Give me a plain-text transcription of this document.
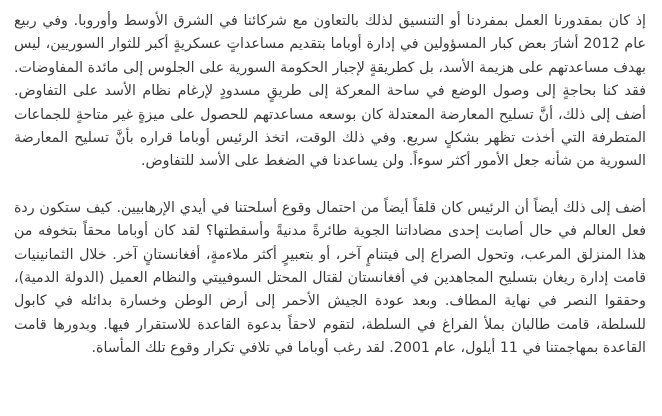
إذ كان بمقدورنا العمل بمفردنا أو التنسيق لذلك بالتعاون مع شركائنا في الشرق الأوسط وأوروبا. وفي ربيع عام 2012 أشارَ بعض كبار المسؤولين في إدارة أوباما بتقديم مساعداتٍ عسكريةٍ أكبر للثوار السوريين، ليس بهدف مساعدتهم على هزيمة الأسد، بل كطريقةٍ لإجبار الحكومة السورية على الجلوس إلى مائدة المفاوضات. فقد كنا بحاجةٍ إلى وصول الوضع في ساحة المعركة إلى طريقٍ مسدودٍ لإرغام نظام الأسد على التفاوض. أضف إلى ذلك، أنَّ تسليح المعارضة المعتدلة كان بوسعه مساعدتهم للحصول على ميزةٍ غير متاحةٍ للجماعات المتطرفة التي أخذت تظهر بشكلٍ سريع. وفي ذلك الوقت، اتخذ الرئيس أوباما قراره بأنَّ تسليح المعارضة السورية من شأنه جعل الأمور أكثر سوءاً. ولن يساعدنا في الضغط على الأسد للتفاوض.

أضف إلى ذلك أيضاً أن الرئيس كان قلقاً أيضاً من احتمال وقوع أسلحتنا في أيدي الإرهابيين. كيف ستكون ردة فعل العالم في حال أصابت إحدى مضاداتنا الجوية طائرةً مدنيةً وأسقطتها؟ لقد كان أوباما محقاً بتخوفه من هذا المنزلق المرعب، وتحول الصراع إلى فيتنامٍ آخر، أو بتعبيرٍ أكثر ملاءمةٍ، أفغانستانٍ آخر. خلال الثمانينيات قامت إدارة ريغان بتسليح المجاهدين في أفغانستان لقتال المحتل السوفييتي والنظام العميل (الدولة الدمية)، وحققوا النصر في نهاية المطاف. وبعد عودة الجيش الأحمر إلى أرض الوطن وخسارة بدائله في كابول للسلطة، قامت طالبان بملأ الفراغ في السلطة، لتقوم لاحقاً بدعوة القاعدة للاستقرار فيها. وبدورها قامت القاعدة بمهاجمتنا في 11 أيلول، عام 2001. لقد رغب أوباما في تلافي تكرار وقوع تلك المأساة.
